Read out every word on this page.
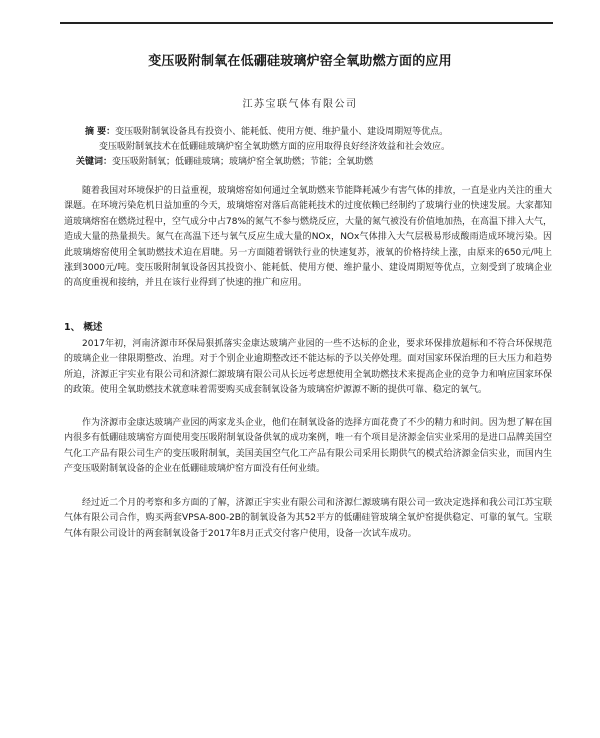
变压吸附制氧在低硼硅玻璃炉窑全氧助燃方面的应用
江苏宝联气体有限公司
摘 要：变压吸附制氧设备具有投资小、能耗低、使用方便、维护量小、建设周期短等优点。
变压吸附制氧技术在低硼硅玻璃炉窑全氧助燃方面的应用取得良好经济效益和社会效应。
关键词：变压吸附制氧；低硼硅玻璃；玻璃炉窑全氧助燃；节能；全氧助燃

随着我国对环境保护的日益重视，玻璃熔窑如何通过全氧助燃来节能降耗减少有害气体的排放，一直是业内关注的重大课题。在环境污染危机日益加重的今天，玻璃熔窑对落后高能耗技术的过度依赖已经制约了玻璃行业的快速发展。大家都知道玻璃熔窑在燃烧过程中，空气成分中占78%的氮气不参与燃烧反应，大量的氮气被没有价值地加热，在高温下排入大气，造成大量的热量损失。氮气在高温下还与氧气反应生成大量的NOx，NOx气体排入大气层极易形成酸雨造成环境污染。因此玻璃熔窑使用全氧助燃技术迫在眉睫。另一方面随着钢铁行业的快速复苏，液氧的价格持续上涨，由原来的650元/吨上涨到3000元/吨。变压吸附制氧设备因其投资小、能耗低、使用方便、维护量小、建设周期短等优点，立刻受到了玻璃企业的高度重视和接纳，并且在该行业得到了快速的推广和应用。

1、 概述

2017年初，河南济源市环保局狠抓落实金康达玻璃产业园的一些不达标的企业，要求环保排放超标和不符合环保规范的玻璃企业一律限期整改、治理。对于个别企业逾期整改还不能达标的予以关停处理。面对国家环保治理的巨大压力和趋势所迫，济源正宇实业有限公司和济源仁源玻璃有限公司从长远考虑想使用全氧助燃技术来提高企业的竞争力和响应国家环保的政策。使用全氧助燃技术就意味着需要购买成套制氧设备为玻璃窑炉源源不断的提供可靠、稳定的氧气。

作为济源市金康达玻璃产业园的两家龙头企业，他们在制氧设备的选择方面花费了不少的精力和时间。因为想了解在国内很多有低硼硅玻璃窑方面使用变压吸附制氧设备供氧的成功案例，唯一有个项目是济源金信实业采用的是进口品牌美国空气化工产品有限公司生产的变压吸附制氧，美国美国空气化工产品有限公司采用长期供气的模式给济源金信实业，而国内生产变压吸附制氧设备的企业在低硼硅玻璃炉窑方面没有任何业绩。

经过近二个月的考察和多方面的了解，济源正宇实业有限公司和济源仁源玻璃有限公司一致决定选择和我公司江苏宝联气体有限公司合作，购买两套VPSA-800-2B的制氧设备为其52平方的低硼硅管玻璃全氧炉窑提供稳定、可靠的氧气。宝联气体有限公司设计的两套制氧设备于2017年8月正式交付客户使用，设备一次试车成功。
